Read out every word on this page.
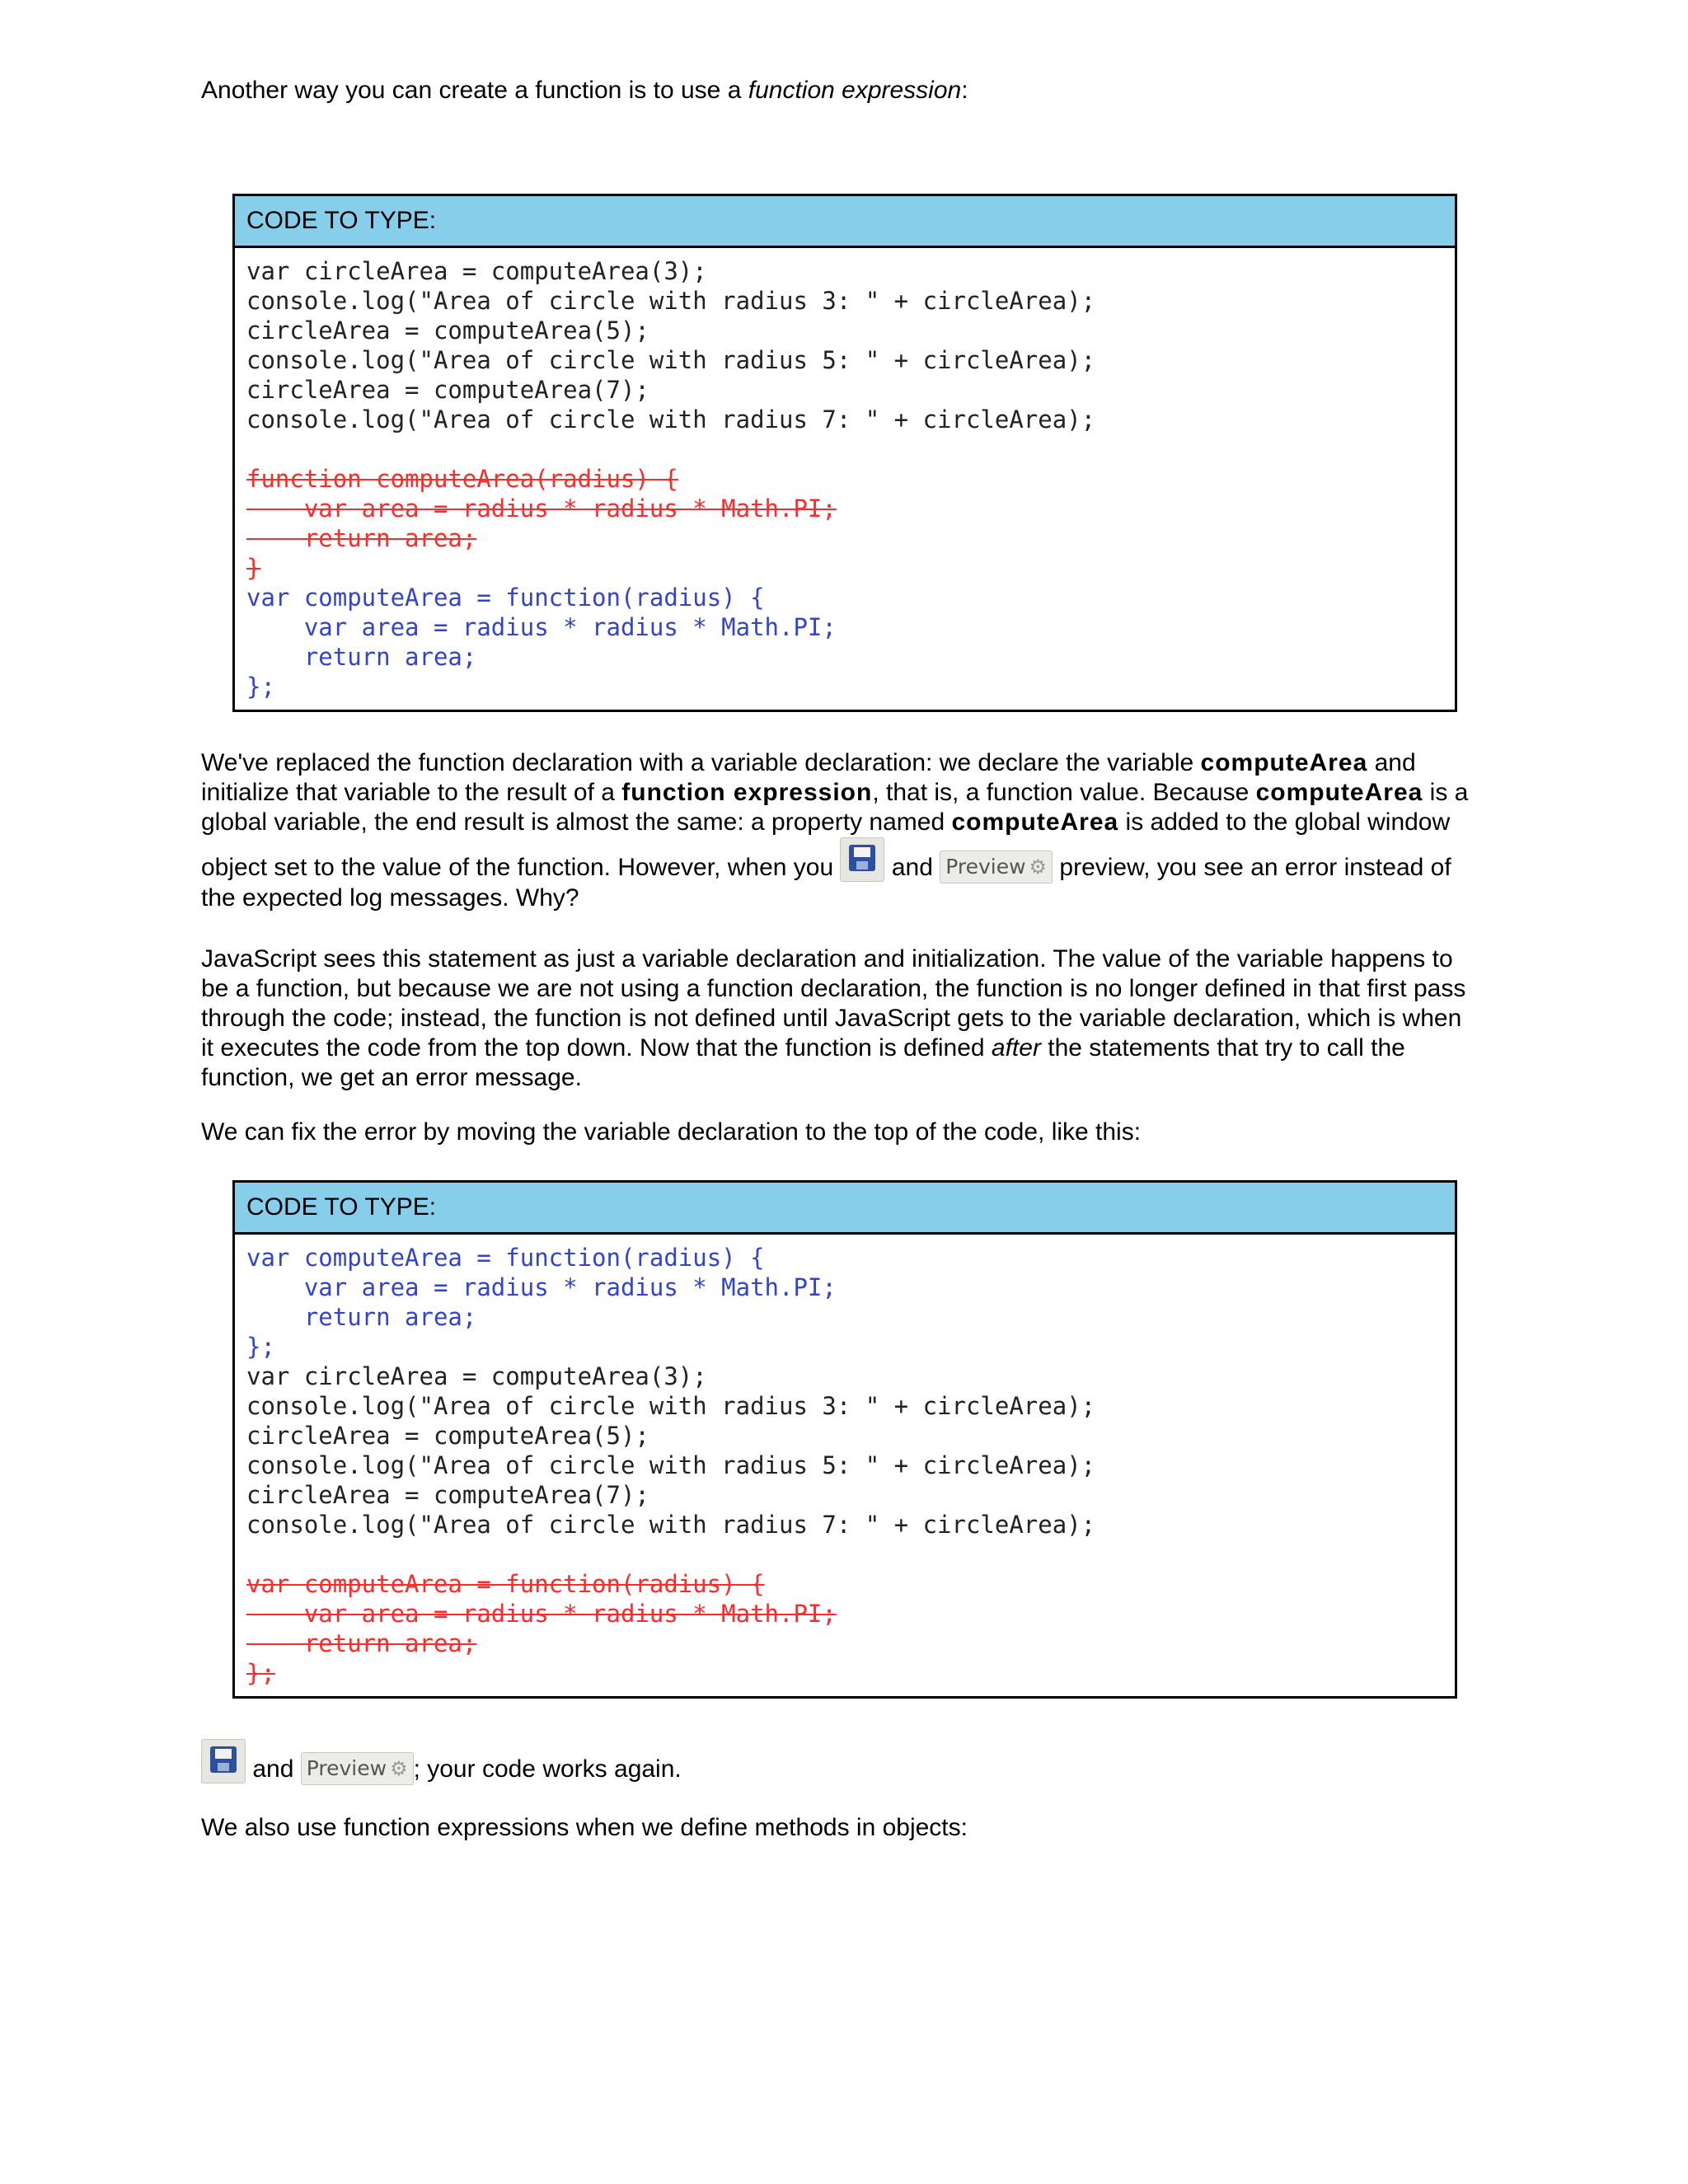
Another way you can create a function is to use a function expression:

CODE TO TYPE:
var circleArea = computeArea(3);
console.log("Area of circle with radius 3: " + circleArea);
circleArea = computeArea(5);
console.log("Area of circle with radius 5: " + circleArea);
circleArea = computeArea(7);
console.log("Area of circle with radius 7: " + circleArea);
function computeArea(radius) {
var area = radius * radius * Math.PI;
return area;
}
var computeArea = function(radius) {
var area = radius * radius * Math.PI;
return area;
};
We've replaced the function declaration with a variable declaration: we declare the variable computeArea and initialize that variable to the result of a function expression, that is, a function value. Because computeArea is a global variable, the end result is almost the same: a property named computeArea is added to the global window object set to the value of the function. However, when you
and Preview ⚙ preview, you see an error instead of the expected log messages. Why?

JavaScript sees this statement as just a variable declaration and initialization. The value of the variable happens to be a function, but because we are not using a function declaration, the function is no longer defined in that first pass through the code; instead, the function is not defined until JavaScript gets to the variable declaration, which is when it executes the code from the top down. Now that the function is defined after the statements that try to call the function, we get an error message.

We can fix the error by moving the variable declaration to the top of the code, like this:

CODE TO TYPE:
var computeArea = function(radius) {
var area = radius * radius * Math.PI;
return area;
};
var circleArea = computeArea(3);
console.log("Area of circle with radius 3: " + circleArea);
circleArea = computeArea(5);
console.log("Area of circle with radius 5: " + circleArea);
circleArea = computeArea(7);
console.log("Area of circle with radius 7: " + circleArea);
var computeArea = function(radius) {
var area = radius * radius * Math.PI;
return area;
};
and Preview ⚙ ; your code works again.

We also use function expressions when we define methods in objects:
